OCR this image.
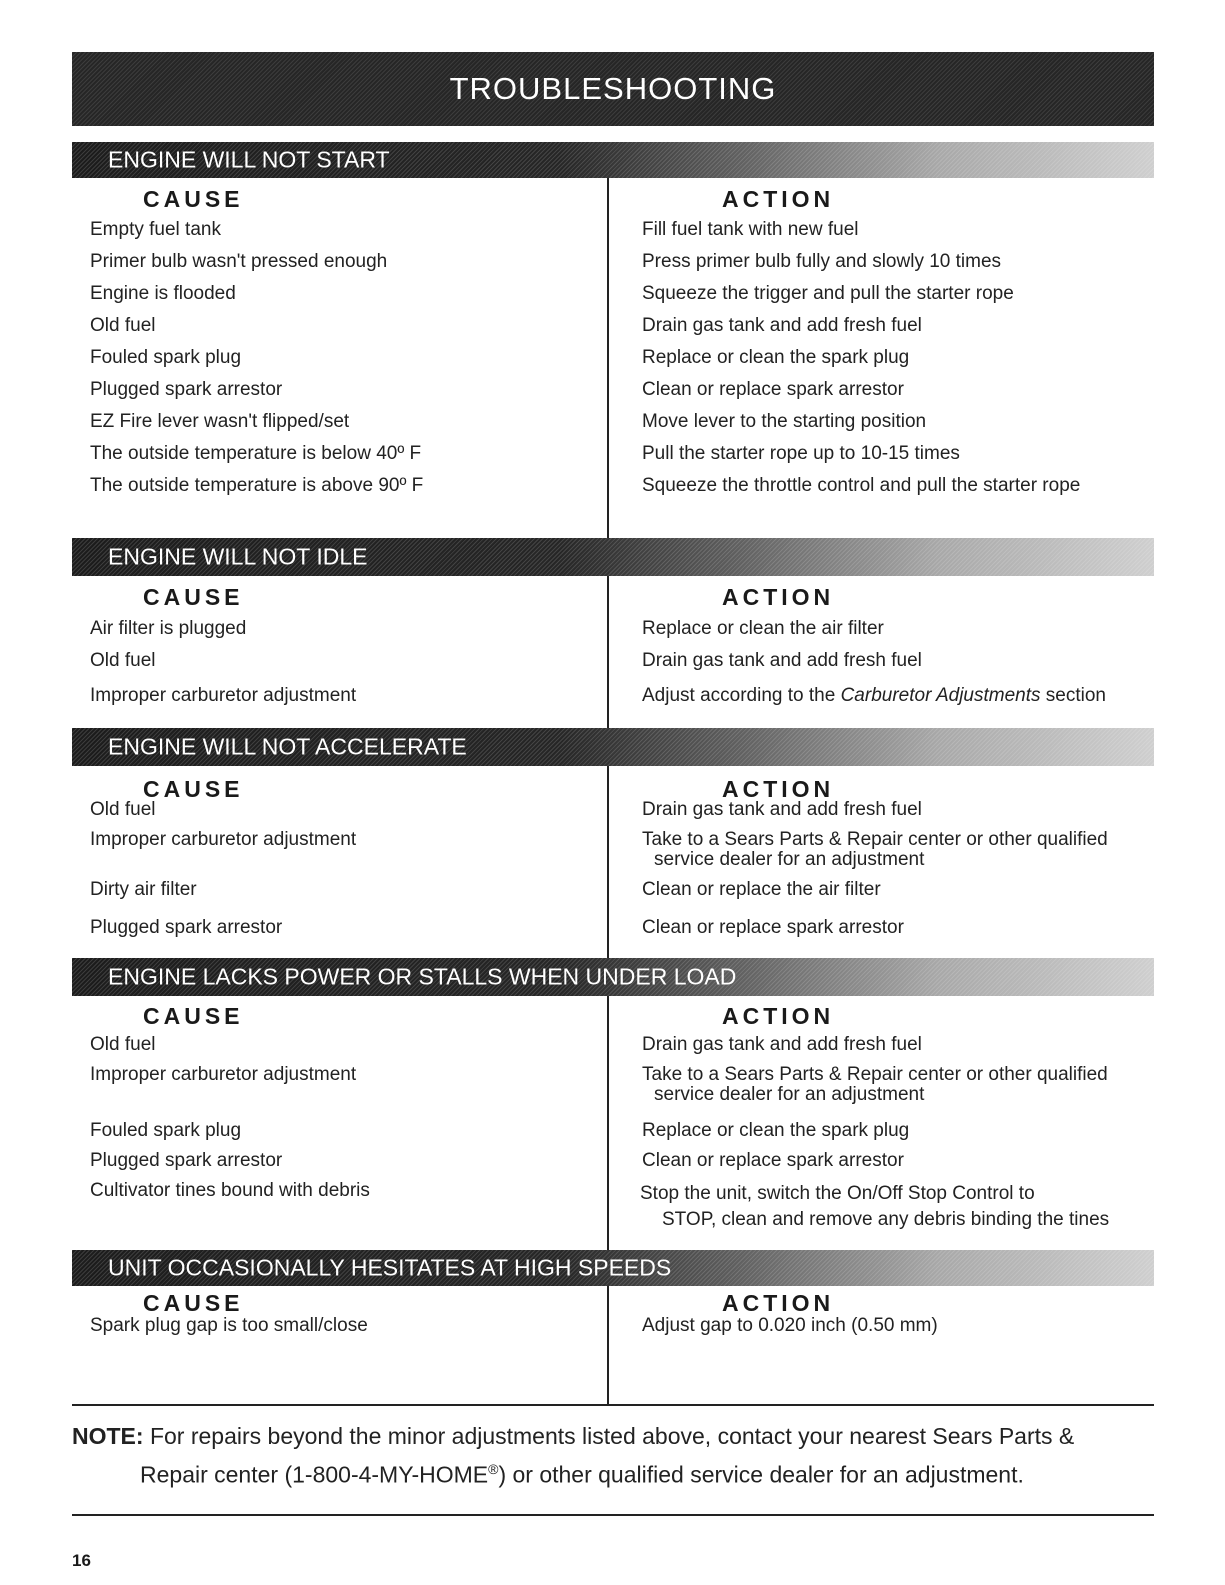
TROUBLESHOOTING
ENGINE WILL NOT START
CAUSE	ACTION
Empty fuel tank	Fill fuel tank with new fuel
Primer bulb wasn't pressed enough	Press primer bulb fully and slowly 10 times
Engine is flooded	Squeeze the trigger and pull the starter rope
Old fuel	Drain gas tank and add fresh fuel
Fouled spark plug	Replace or clean the spark plug
Plugged spark arrestor	Clean or replace spark arrestor
EZ Fire lever wasn't flipped/set	Move lever to the starting position
The outside temperature is below 40º F	Pull the starter rope up to 10-15 times
The outside temperature is above 90º F	Squeeze the throttle control and pull the starter rope
ENGINE WILL NOT IDLE
CAUSE	ACTION
Air filter is plugged	Replace or clean the air filter
Old fuel	Drain gas tank and add fresh fuel
Improper carburetor adjustment	Adjust according to the Carburetor Adjustments section
ENGINE WILL NOT ACCELERATE
CAUSE	ACTION
Old fuel	Drain gas tank and add fresh fuel
Improper carburetor adjustment	Take to a Sears Parts & Repair center or other qualified
service dealer for an adjustment
Dirty air filter	Clean or replace the air filter
Plugged spark arrestor	Clean or replace spark arrestor
ENGINE LACKS POWER OR STALLS WHEN UNDER LOAD
CAUSE	ACTION
Old fuel	Drain gas tank and add fresh fuel
Improper carburetor adjustment	Take to a Sears Parts & Repair center or other qualified
service dealer for an adjustment
Fouled spark plug	Replace or clean the spark plug
Plugged spark arrestor	Clean or replace spark arrestor
Cultivator tines bound with debris	Stop the unit, switch the On/Off Stop Control to
STOP, clean and remove any debris binding the tines
UNIT OCCASIONALLY HESITATES AT HIGH SPEEDS
CAUSE	ACTION
Spark plug gap is too small/close	Adjust gap to 0.020 inch (0.50 mm)
NOTE: For repairs beyond the minor adjustments listed above, contact your nearest Sears Parts &
Repair center (1-800-4-MY-HOME®) or other qualified service dealer for an adjustment.
16
